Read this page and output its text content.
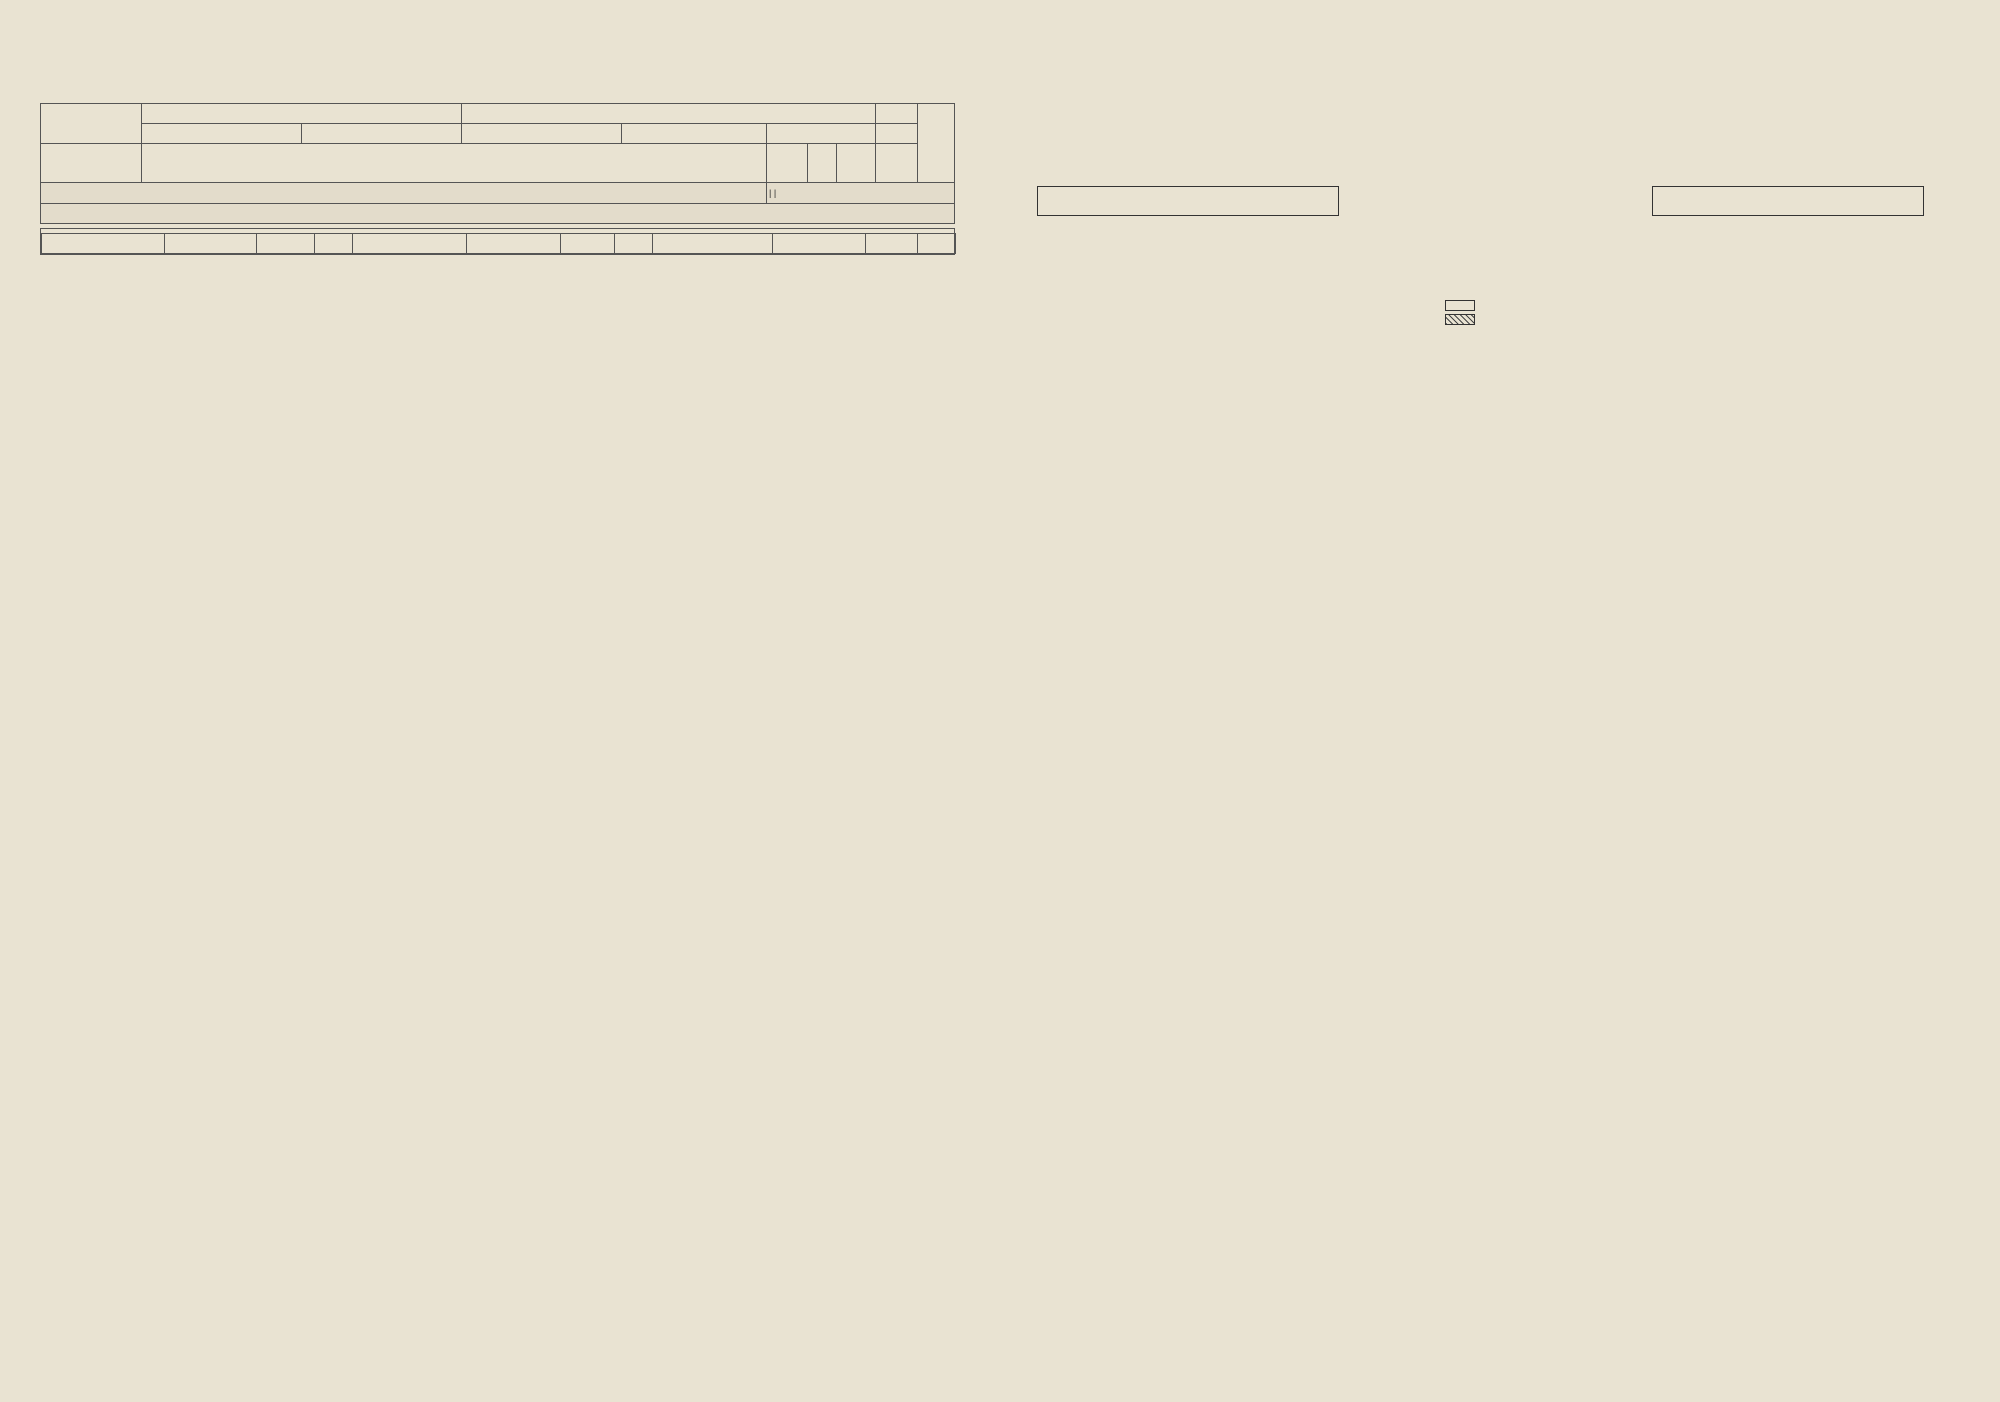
					| |				
